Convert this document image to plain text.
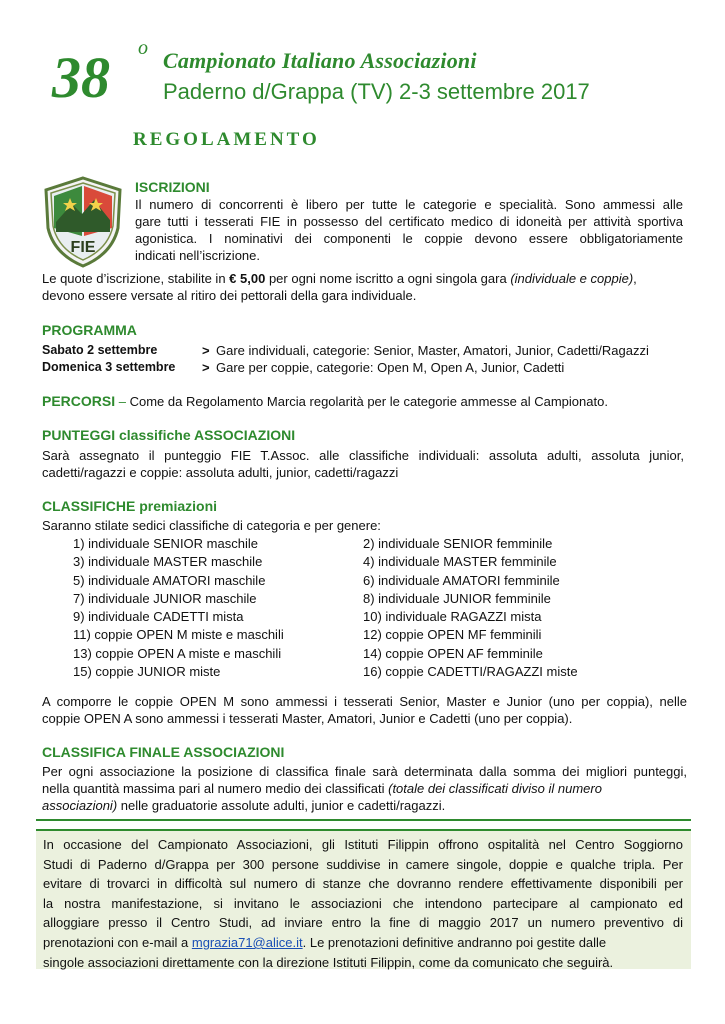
38 o Campionato Italiano Associazioni
Paderno d/Grappa (TV) 2-3 settembre 2017
REGOLAMENTO
FIE
ISCRIZIONI
Il numero di concorrenti è libero per tutte le categorie e specialità. Sono ammessi alle
gare tutti i tesserati FIE in possesso del certificato medico di idoneità per attività sportiva
agonistica. I nominativi dei componenti le coppie devono essere obbligatoriamente
indicati nell’iscrizione.
Le quote d’iscrizione, stabilite in € 5,00 per ogni nome iscritto a ogni singola gara (individuale e coppie),
devono essere versate al ritiro dei pettorali della gara individuale.
PROGRAMMA
Sabato 2 settembre	> Gare individuali, categorie: Senior, Master, Amatori, Junior, Cadetti/Ragazzi
Domenica 3 settembre	> Gare per coppie, categorie: Open M, Open A, Junior, Cadetti
PERCORSI – Come da Regolamento Marcia regolarità per le categorie ammesse al Campionato.
PUNTEGGI classifiche ASSOCIAZIONI
Sarà assegnato il punteggio FIE T.Assoc. alle classifiche individuali: assoluta adulti, assoluta junior,
cadetti/ragazzi e coppie: assoluta adulti, junior, cadetti/ragazzi
CLASSIFICHE premiazioni
Saranno stilate sedici classifiche di categoria e per genere:
1) individuale SENIOR maschile	2) individuale SENIOR femminile
3) individuale MASTER maschile	4) individuale MASTER femminile
5) individuale AMATORI maschile	6) individuale AMATORI femminile
7) individuale JUNIOR maschile	8) individuale JUNIOR femminile
9) individuale CADETTI mista	10) individuale RAGAZZI mista
11) coppie OPEN M miste e maschili	12) coppie OPEN MF femminili
13) coppie OPEN A miste e maschili	14) coppie OPEN AF femminile
15) coppie JUNIOR miste	16) coppie CADETTI/RAGAZZI miste
A comporre le coppie OPEN M sono ammessi i tesserati Senior, Master e Junior (uno per coppia), nelle
coppie OPEN A sono ammessi i tesserati Master, Amatori, Junior e Cadetti (uno per coppia).
CLASSIFICA FINALE ASSOCIAZIONI
Per ogni associazione la posizione di classifica finale sarà determinata dalla somma dei migliori punteggi,
nella quantità massima pari al numero medio dei classificati (totale dei classificati diviso il numero
associazioni) nelle graduatorie assolute adulti, junior e cadetti/ragazzi.
In occasione del Campionato Associazioni, gli Istituti Filippin offrono ospitalità nel Centro Soggiorno
Studi di Paderno d/Grappa per 300 persone suddivise in camere singole, doppie e qualche tripla. Per
evitare di trovarci in difficoltà sul numero di stanze che dovranno rendere effettivamente disponibili per
la nostra manifestazione, si invitano le associazioni che intendono partecipare al campionato ed
alloggiare presso il Centro Studi, ad inviare entro la fine di maggio 2017 un numero preventivo di
prenotazioni con e-mail a mgrazia71@alice.it. Le prenotazioni definitive andranno poi gestite dalle
singole associazioni direttamente con la direzione Istituti Filippin, come da comunicato che seguirà.
